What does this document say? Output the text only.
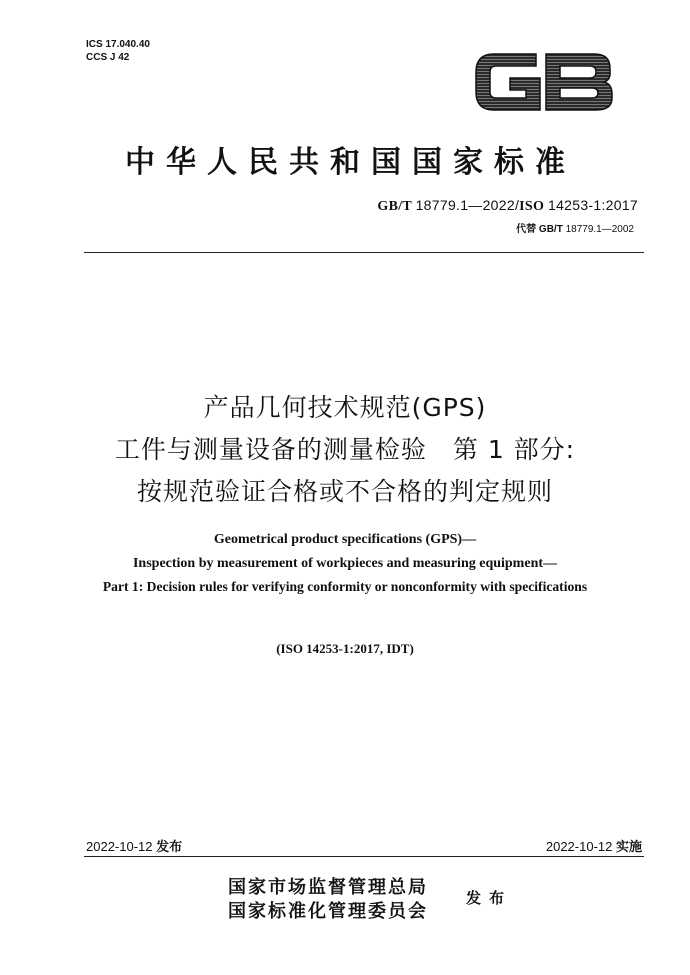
ICS 17.040.40
CCS J 42
中华人民共和国国家标准
GB/T 18779.1—2022/ISO 14253-1:2017
代替 GB/T 18779.1—2002
产品几何技术规范(GPS)
工件与测量设备的测量检验　第 1 部分:
按规范验证合格或不合格的判定规则
Geometrical product specifications (GPS)—
Inspection by measurement of workpieces and measuring equipment—
Part 1: Decision rules for verifying conformity or nonconformity with specifications
(ISO 14253-1:2017, IDT)
2022-10-12 发布	2022-10-12 实施
国家市场监督管理总局
国家标准化管理委员会
发布
